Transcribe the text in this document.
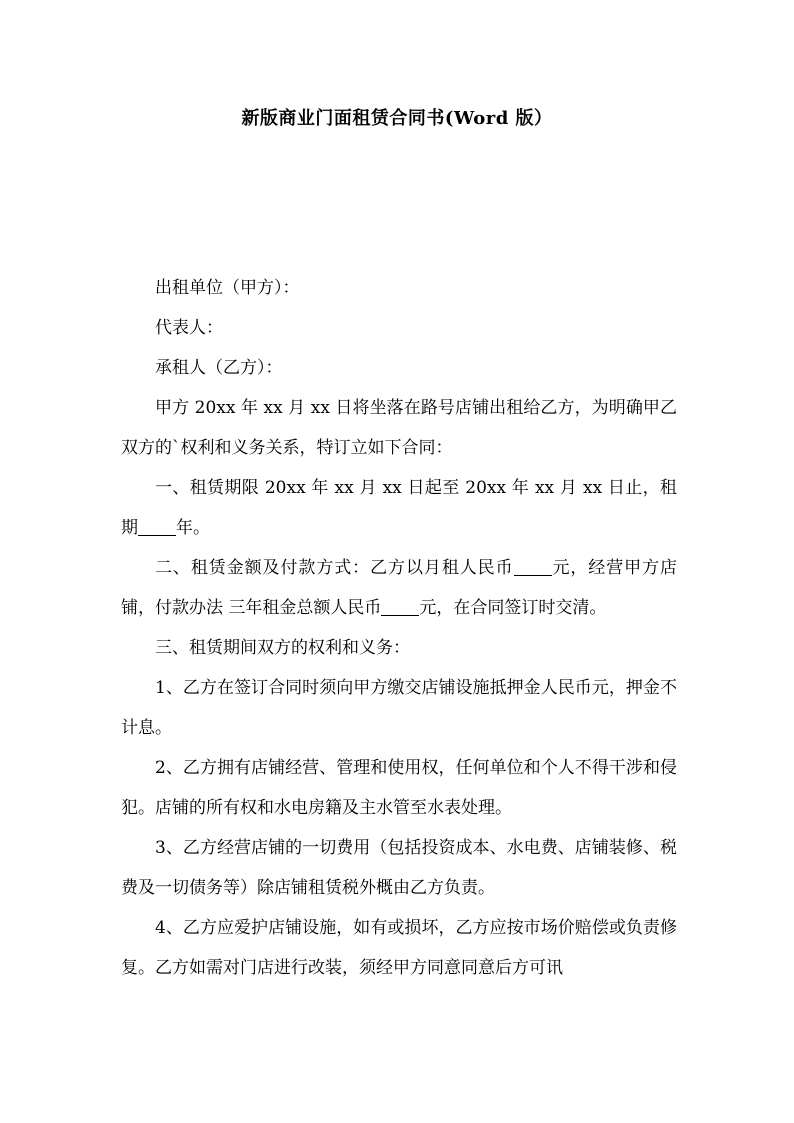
新版商业门面租赁合同书(Word 版）

出租单位（甲方）：

代表人：

承租人（乙方）：

甲方 20xx 年 xx 月 xx 日将坐落在路号店铺出租给乙方，为明确甲乙双方的`权利和义务关系，特订立如下合同：

一、租赁期限 20xx 年 xx 月 xx 日起至 20xx 年 xx 月 xx 日止，租期 年。

二、租赁金额及付款方式：乙方以月租人民币 元，经营甲方店铺，付款办法 三年租金总额人民币 元，在合同签订时交清。

三、租赁期间双方的权利和义务：

1、乙方在签订合同时须向甲方缴交店铺设施抵押金人民币元，押金不计息。

2、乙方拥有店铺经营、管理和使用权，任何单位和个人不得干涉和侵犯。店铺的所有权和水电房籍及主水管至水表处理。

3、乙方经营店铺的一切费用（包括投资成本、水电费、店铺装修、税费及一切债务等）除店铺租赁税外概由乙方负责。

4、乙方应爱护店铺设施，如有或损坏，乙方应按市场价赔偿或负责修复。乙方如需对门店进行改装，须经甲方同意同意后方可讯
